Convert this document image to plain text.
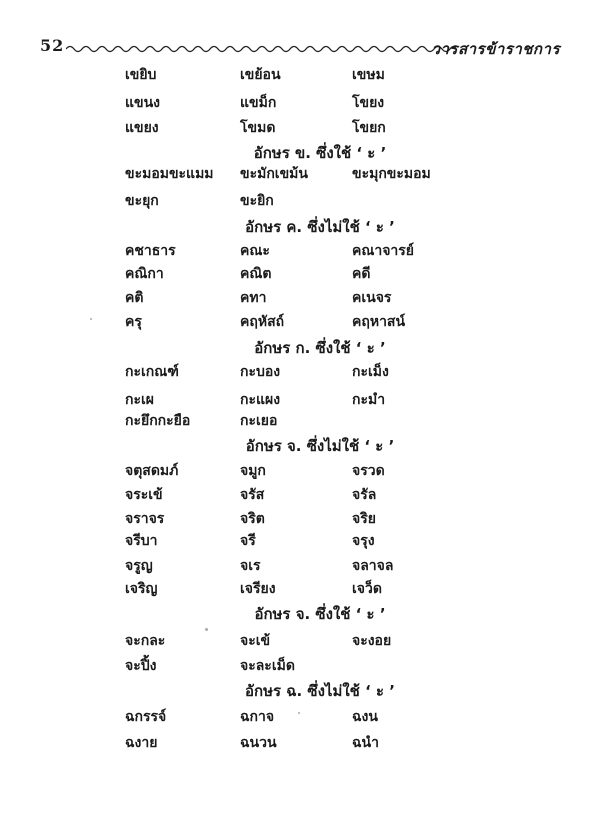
52	วารสารข้าราชการ
เขยิบ	เขย้อน	เขษม
แขนง	แขม็ก	โขยง
แขยง	โขมด	โขยก
อักษร ข. ซึ่งใช้ ‘ ะ ’
ขะมอมขะแมม ขะมักเขม้น	ขะมุกขะมอม
ขะยุก	ขะยิก
อักษร ค. ซึ่งไม่ใช้ ‘ ะ ’
คชาธาร	คณะ	คณาจารย์
คณิกา	คณิต	คดี
คติ	คทา	คเนจร
ครุ	คฤหัสถ์	คฤหาสน์
อักษร ก. ซึ่งใช้ ‘ ะ ’
กะเกณฑ์	กะบอง	กะเม็ง
กะเผ	กะแผง	กะมำ
กะยึกกะยือ	กะเยอ
อักษร จ. ซึ่งไม่ใช้ ‘ ะ ’
จตุสดมภ์	จมูก	จรวด
จระเข้	จรัส	จรัล
จราจร	จริต	จริย
จรีบา	จรี	จรุง
จรูญ	จเร	จลาจล
เจริญ	เจรียง	เจว็ด
อักษร จ. ซึ่งใช้ ‘ ะ ’
จะกละ	จะเข้	จะงอย
จะปิ้ง	จะละเม็ด
อักษร ฉ. ซึ่งไม่ใช้ ‘ ะ ’
ฉกรรจ์	ฉกาจ	ฉงน
ฉงาย	ฉนวน	ฉนำ
